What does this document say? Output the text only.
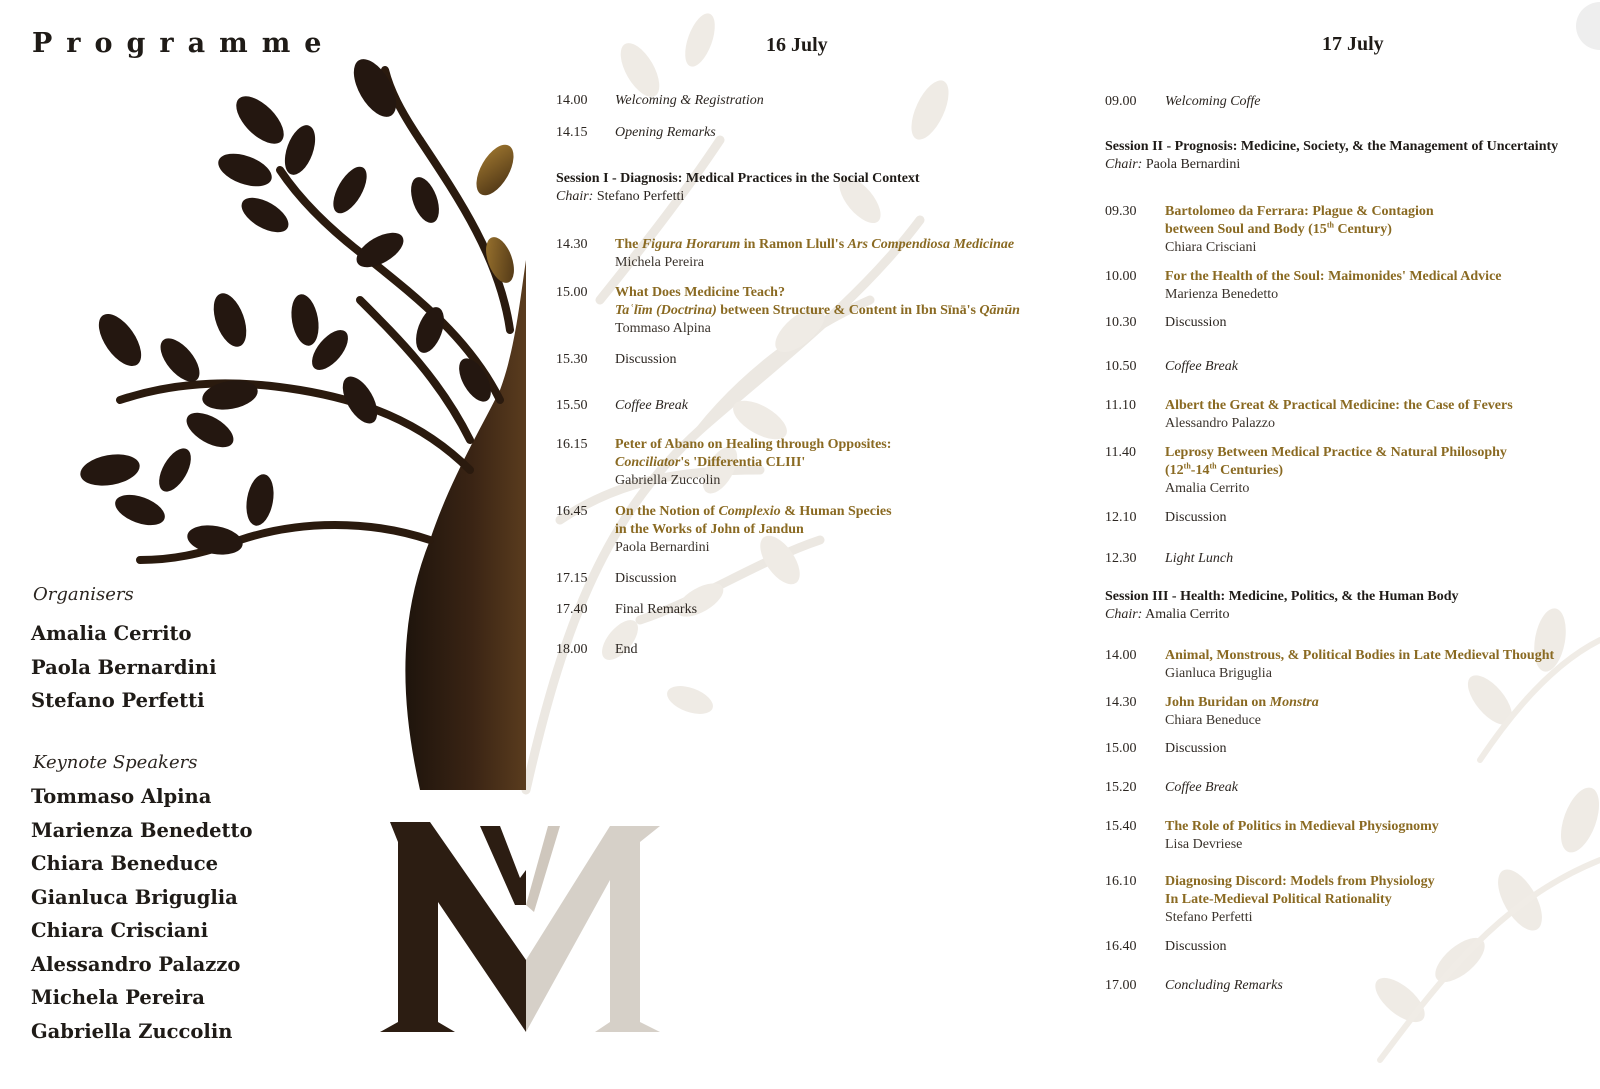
Programme
Organisers
Amalia Cerrito
Paola Bernardini
Stefano Perfetti
Keynote Speakers
Tommaso Alpina
Marienza Benedetto
Chiara Beneduce
Gianluca Briguglia
Chiara Crisciani
Alessandro Palazzo
Michela Pereira
Gabriella Zuccolin
16 July
14.00 Welcoming & Registration
14.15 Opening Remarks
Session I - Diagnosis: Medical Practices in the Social Context
Chair: Stefano Perfetti
14.30 The Figura Horarum in Ramon Llull's Ars Compendiosa Medicinae
Michela Pereira
15.00 What Does Medicine Teach?
Taʿlīm (Doctrina) between Structure & Content in Ibn Sīnā's Qānūn
Tommaso Alpina
15.30 Discussion
15.50 Coffee Break
16.15 Peter of Abano on Healing through Opposites:
Conciliator's 'Differentia CLIII'
Gabriella Zuccolin
16.45 On the Notion of Complexio & Human Species
in the Works of John of Jandun
Paola Bernardini
17.15 Discussion
17.40 Final Remarks
18.00 End
17 July
09.00 Welcoming Coffe
Session II - Prognosis: Medicine, Society, & the Management of Uncertainty
Chair: Paola Bernardini
09.30 Bartolomeo da Ferrara: Plague & Contagion
between Soul and Body (15th Century)
Chiara Crisciani
10.00 For the Health of the Soul: Maimonides' Medical Advice
Marienza Benedetto
10.30 Discussion
10.50 Coffee Break
11.10 Albert the Great & Practical Medicine: the Case of Fevers
Alessandro Palazzo
11.40 Leprosy Between Medical Practice & Natural Philosophy
(12th-14th Centuries)
Amalia Cerrito
12.10 Discussion
12.30 Light Lunch
Session III - Health: Medicine, Politics, & the Human Body
Chair: Amalia Cerrito
14.00 Animal, Monstrous, & Political Bodies in Late Medieval Thought
Gianluca Briguglia
14.30 John Buridan on Monstra
Chiara Beneduce
15.00 Discussion
15.20 Coffee Break
15.40 The Role of Politics in Medieval Physiognomy
Lisa Devriese
16.10 Diagnosing Discord: Models from Physiology
In Late-Medieval Political Rationality
Stefano Perfetti
16.40 Discussion
17.00 Concluding Remarks
